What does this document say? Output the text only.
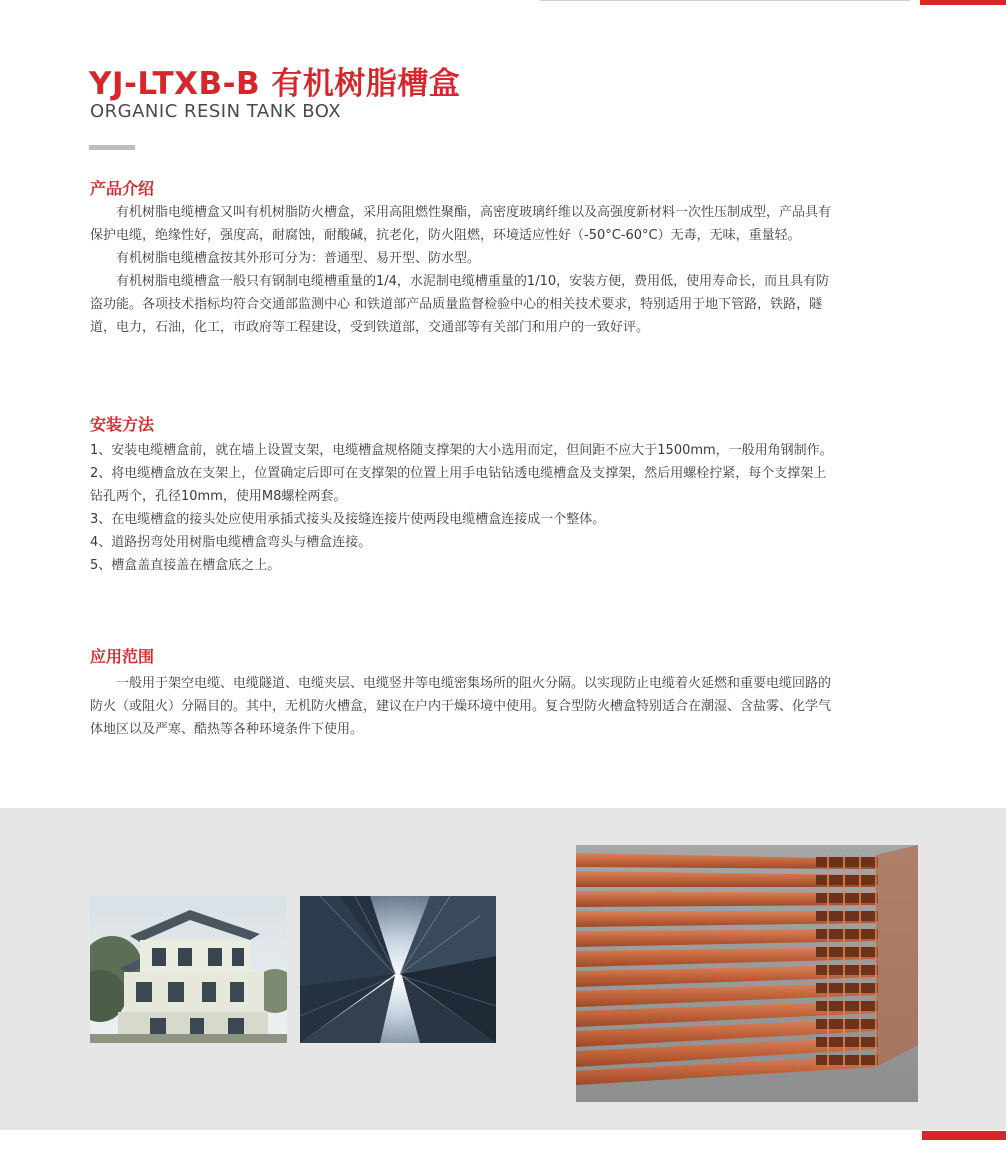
YJ-LTXB-B 有机树脂槽盒
ORGANIC RESIN TANK BOX
产品介绍

有机树脂电缆槽盒又叫有机树脂防火槽盒，采用高阻燃性聚酯，高密度玻璃纤维以及高强度新材料一次性压制成型，产品具有保护电缆，绝缘性好，强度高，耐腐蚀，耐酸碱，抗老化，防火阻燃，环境适应性好（-50°C-60°C）无毒，无味，重量轻。

有机树脂电缆槽盒按其外形可分为：普通型、易开型、防水型。

有机树脂电缆槽盒一般只有钢制电缆槽重量的1/4，水泥制电缆槽重量的1/10，安装方便，费用低，使用寿命长，而且具有防盗功能。各项技术指标均符合交通部监测中心 和铁道部产品质量监督检验中心的相关技术要求，特别适用于地下管路，铁路，隧道，电力，石油，化工，市政府等工程建设，受到铁道部，交通部等有关部门和用户的一致好评。

安装方法

1、安装电缆槽盒前，就在墙上设置支架，电缆槽盒规格随支撑架的大小选用而定，但间距不应大于1500mm，一般用角钢制作。

2、将电缆槽盒放在支架上，位置确定后即可在支撑架的位置上用手电钻钻透电缆槽盒及支撑架，然后用螺栓拧紧，每个支撑架上钻孔两个，孔径10mm，使用M8螺栓两套。

3、在电缆槽盒的接头处应使用承插式接头及接缝连接片使两段电缆槽盒连接成一个整体。

4、道路拐弯处用树脂电缆槽盒弯头与槽盒连接。

5、槽盒盖直接盖在槽盒底之上。

应用范围

一般用于架空电缆、电缆隧道、电缆夹层、电缆竖井等电缆密集场所的阻火分隔。以实现防止电缆着火延燃和重要电缆回路的防火（或阻火）分隔目的。其中，无机防火槽盒，建议在户内干燥环境中使用。复合型防火槽盒特别适合在潮湿、含盐雾、化学气体地区以及严寒、酷热等各种环境条件下使用。
